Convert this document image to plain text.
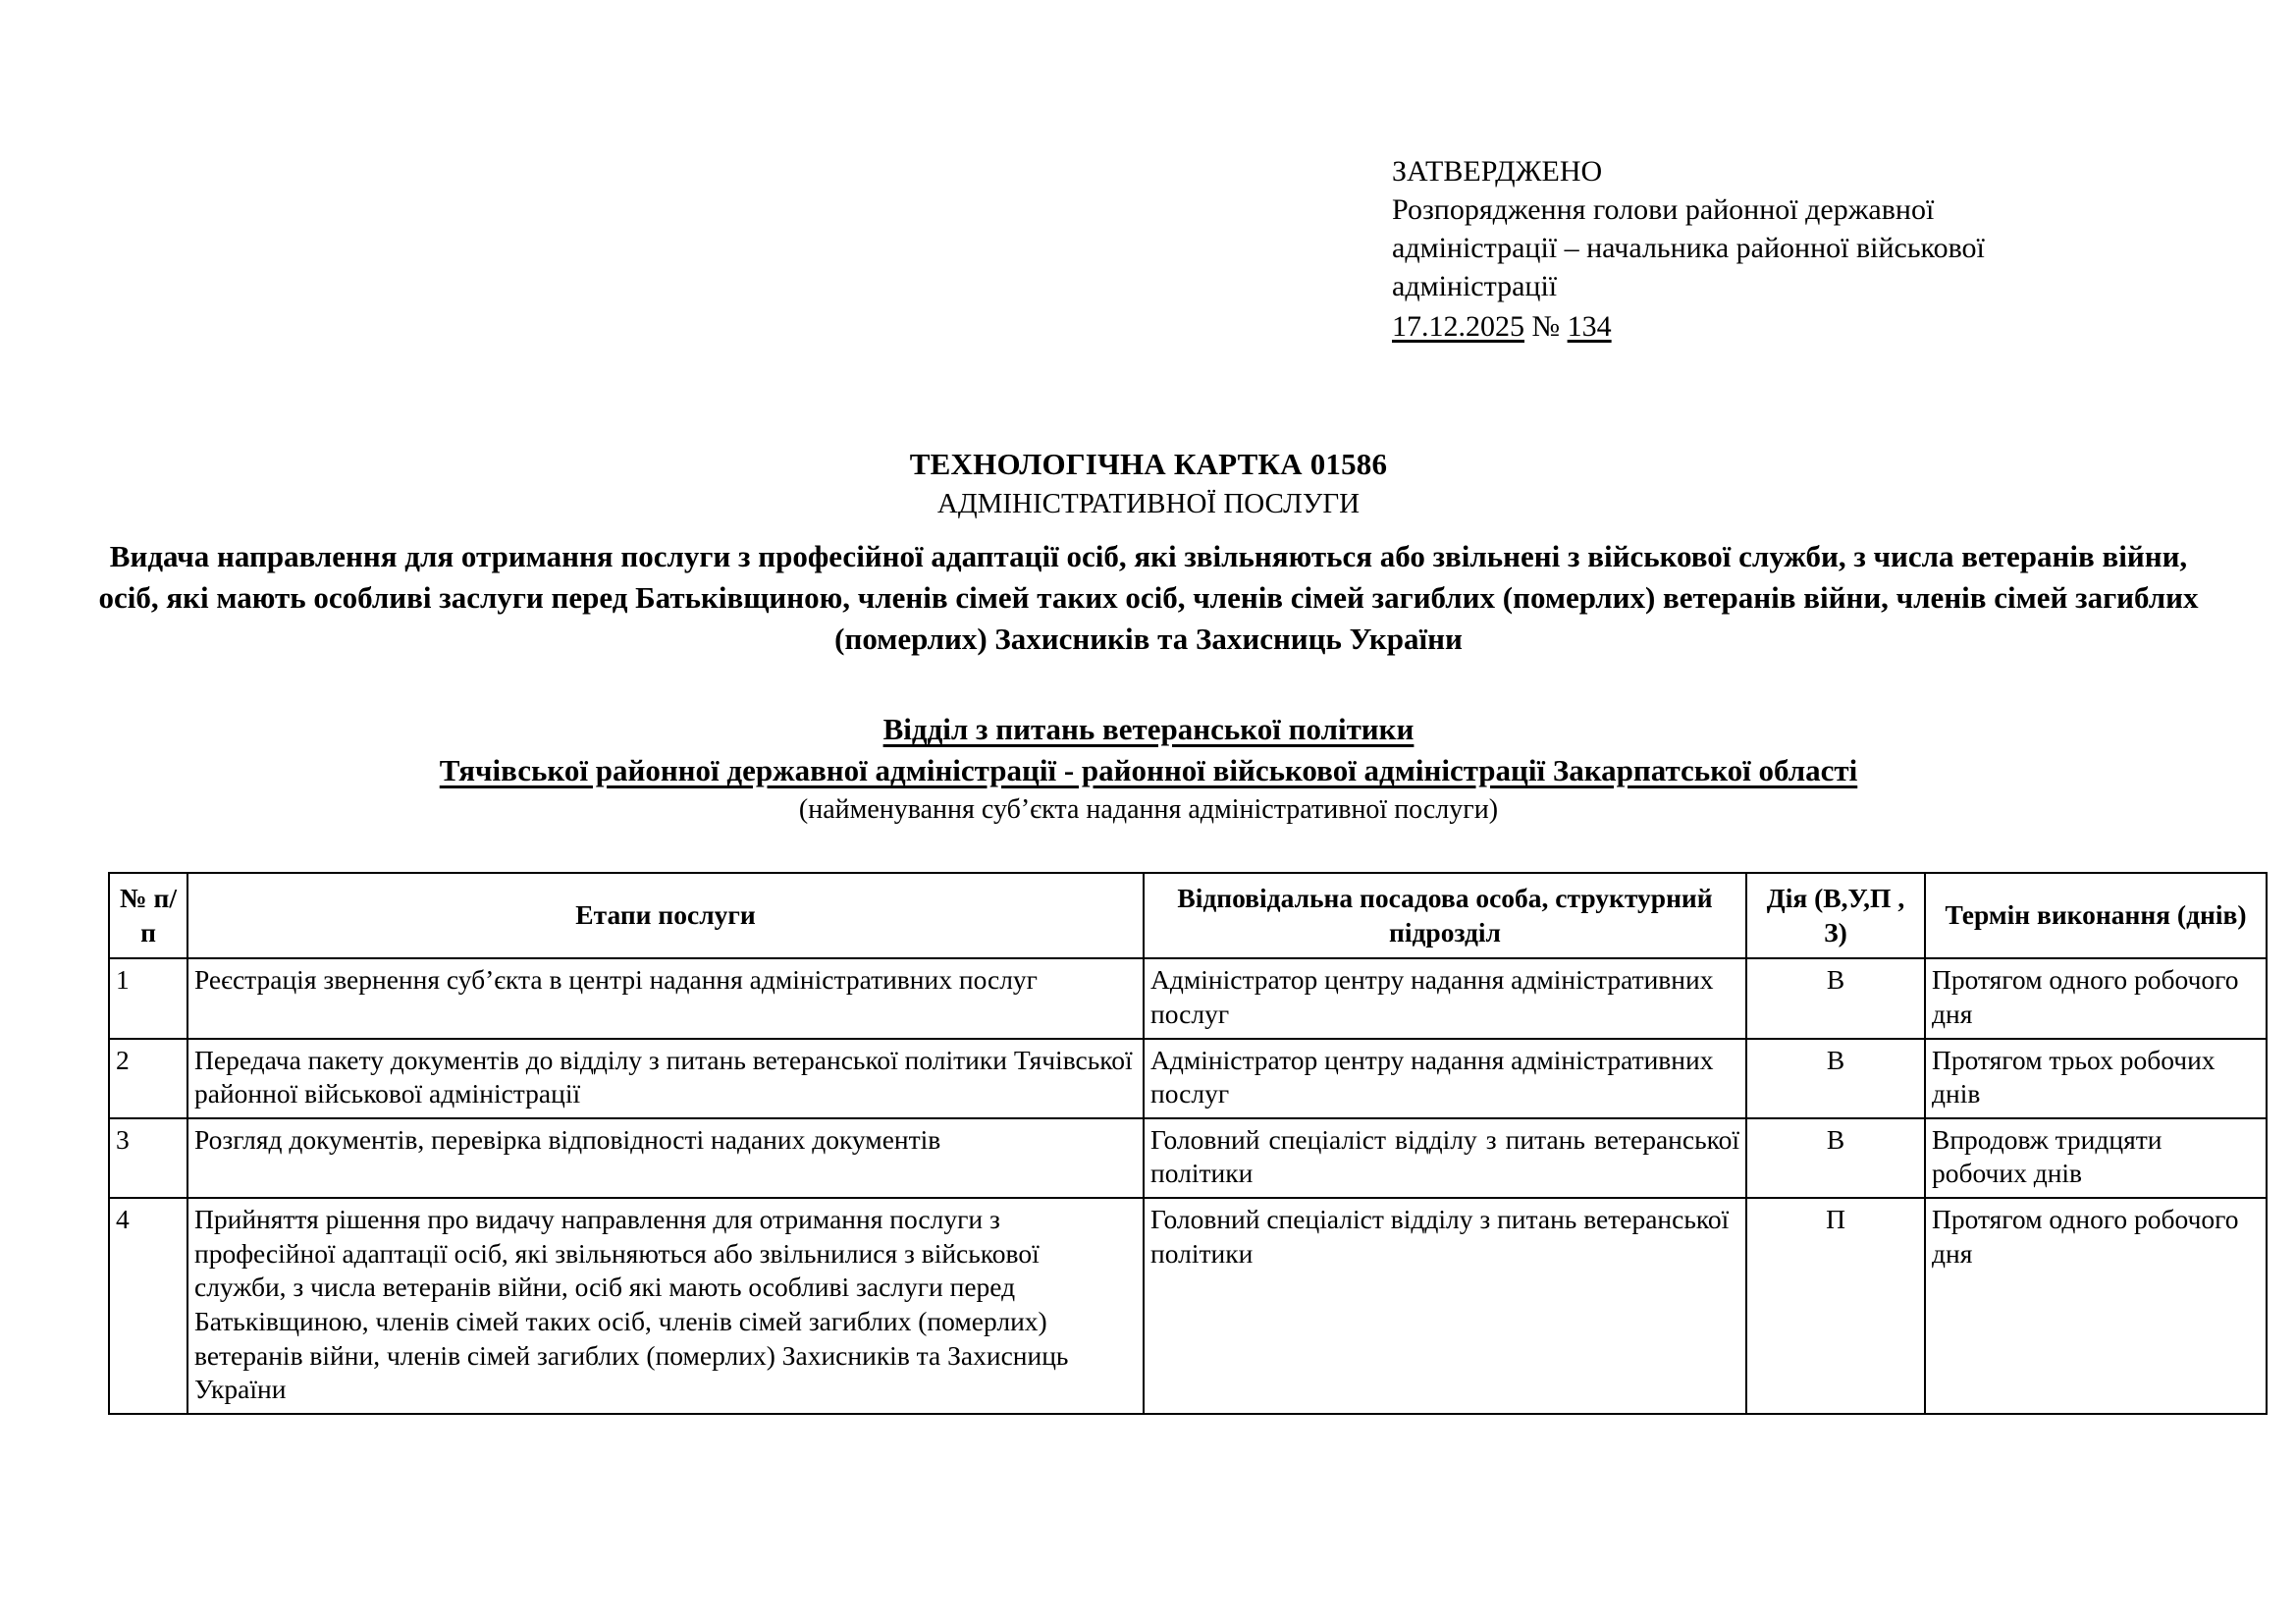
ЗАТВЕРДЖЕНО
Розпорядження голови районної державної
адміністрації – начальника районної військової
адміністрації
17.12.2025 № 134
ТЕХНОЛОГІЧНА КАРТКА 01586
АДМІНІСТРАТИВНОЇ ПОСЛУГИ
Видача направлення для отримання послуги з професійної адаптації осіб, які звільняються або звільнені з військової служби, з числа ветеранів війни, осіб, які мають особливі заслуги перед Батьківщиною, членів сімей таких осіб, членів сімей загиблих (померлих) ветеранів війни, членів сімей загиблих (померлих) Захисників та Захисниць України
Відділ з питань ветеранської політики
Тячівської районної державної адміністрації - районної військової адміністрації Закарпатської області
(найменування суб’єкта надання адміністративної послуги)
№ п/п	Етапи послуги	Відповідальна посадова особа, структурний підрозділ	Дія (В,У,П , З)	Термін виконання (днів)
1	Реєстрація звернення суб’єкта в центрі надання адміністративних послуг	Адміністратор центру надання адміністративних послуг	В	Протягом одного робочого дня
2	Передача пакету документів до відділу з питань ветеранської політики Тячівської районної військової адміністрації	Адміністратор центру надання адміністративних послуг	В	Протягом трьох робочих днів
3	Розгляд документів, перевірка відповідності наданих документів	Головний спеціаліст відділу з питань ветеранської політики	В	Впродовж тридцяти робочих днів
4	Прийняття рішення про видачу направлення для отримання послуги з професійної адаптації осіб, які звільняються або звільнилися з військової служби, з числа ветеранів війни, осіб які мають особливі заслуги перед Батьківщиною, членів сімей таких осіб, членів сімей загиблих (померлих) ветеранів війни, членів сімей загиблих (померлих) Захисників та Захисниць України	Головний спеціаліст відділу з питань ветеранської політики	П	Протягом одного робочого дня
